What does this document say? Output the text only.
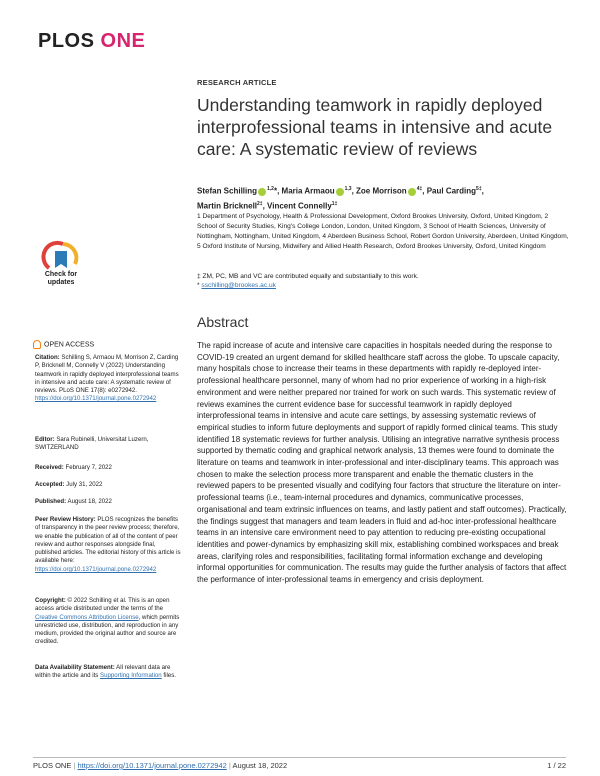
PLOS ONE
RESEARCH ARTICLE
Understanding teamwork in rapidly deployed interprofessional teams in intensive and acute care: A systematic review of reviews
Stefan Schilling $^{1,2}$*, Maria Armaou $^{1,3}$, Zoe Morrison $^{4\ddagger}$, Paul Carding$^{5\ddagger}$,
Martin Bricknell$^{2\ddagger}$, Vincent Connelly$^{1\ddagger}$
1 Department of Psychology, Health & Professional Development, Oxford Brookes University, Oxford, United Kingdom, 2 School of Security Studies, King's College London, London, United Kingdom, 3 School of Health Sciences, University of Nottingham, Nottingham, United Kingdom, 4 Aberdeen Business School, Robert Gordon University, Aberdeen, United Kingdom, 5 Oxford Institute of Nursing, Midwifery and Allied Health Research, Oxford Brookes University, Oxford, United Kingdom
‡ ZM, PC, MB and VC are contributed equally and substantially to this work.
* sschilling@brookes.ac.uk
Check for
updates
OPEN ACCESS
Citation: Schilling S, Armaou M, Morrison Z, Carding P, Bricknell M, Connelly V (2022) Understanding teamwork in rapidly deployed interprofessional teams in intensive and acute care: A systematic review of reviews. PLoS ONE 17(8): e0272942. https://doi.org/10.1371/journal.pone.0272942
Editor: Sara Rubinelli, Universitat Luzern, SWITZERLAND
Received: February 7, 2022
Accepted: July 31, 2022
Published: August 18, 2022
Peer Review History: PLOS recognizes the benefits of transparency in the peer review process; therefore, we enable the publication of all of the content of peer review and author responses alongside final, published articles. The editorial history of this article is available here: https://doi.org/10.1371/journal.pone.0272942
Copyright: © 2022 Schilling et al. This is an open access article distributed under the terms of the Creative Commons Attribution License, which permits unrestricted use, distribution, and reproduction in any medium, provided the original author and source are credited.
Data Availability Statement: All relevant data are within the article and its Supporting Information files.
Abstract

The rapid increase of acute and intensive care capacities in hospitals needed during the response to COVID-19 created an urgent demand for skilled healthcare staff across the globe. To upscale capacity, many hospitals chose to increase their teams in these departments with rapidly re-deployed inter-professional healthcare personnel, many of whom had no prior experience of working in a high-risk environment and were neither prepared nor trained for work on such wards. This systematic review of reviews examines the current evidence base for successful teamwork in rapidly deployed interprofessional teams in intensive and acute care settings, by assessing systematic reviews of empirical studies to inform future deployments and support of rapidly formed clinical teams. This study identified 18 systematic reviews for further analysis. Utilising an integrative narrative synthesis process supported by thematic coding and graphical network analysis, 13 themes were found to dominate the literature on teams and teamwork in inter-professional and inter-disciplinary teams. This approach was chosen to make the selection process more transparent and enable the thematic clusters in the reviewed papers to be presented visually and codifying four factors that structure the literature on inter-professional teams (i.e., team-internal procedures and dynamics, communicative processes, organisational and team extrinsic influences on teams, and lastly patient and staff outcomes). Practically, the findings suggest that managers and team leaders in fluid and ad-hoc inter-professional healthcare teams in an intensive care environment need to pay attention to reducing pre-existing occupational identities and power-dynamics by emphasizing skill mix, establishing combined workspaces and break areas, clarifying roles and responsibilities, facilitating formal information exchange and developing informal opportunities for communication. The results may guide the further analysis of factors that affect the performance of inter-professional teams in emergency and crisis deployment.

PLOS ONE | https://doi.org/10.1371/journal.pone.0272942 | August 18, 2022	1 / 22
